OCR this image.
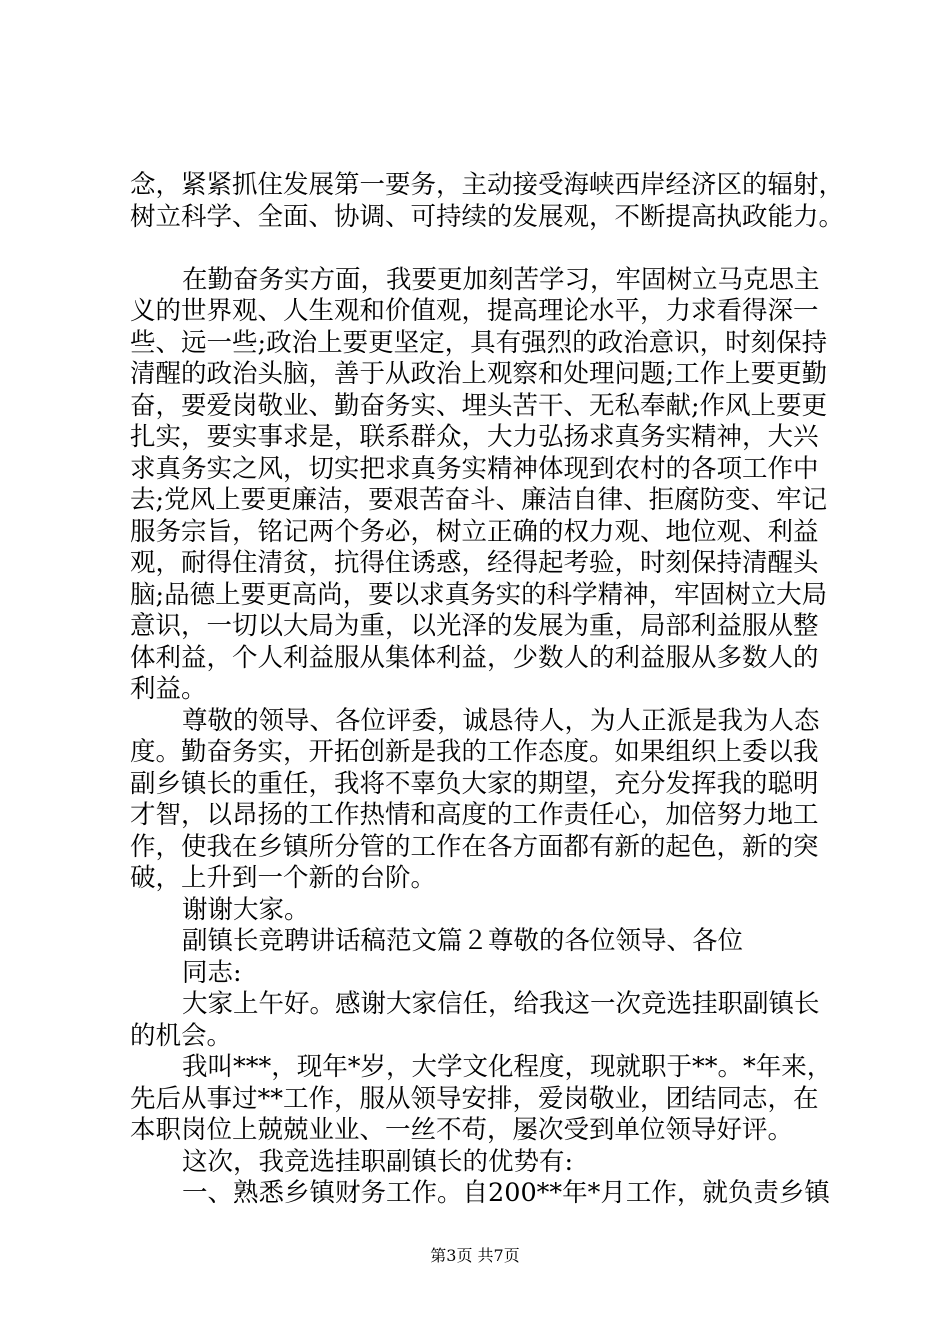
念，紧紧抓住发展第一要务，主动接受海峡西岸经济区的辐射，
树立科学、全面、协调、可持续的发展观，不断提高执政能力。
在勤奋务实方面，我要更加刻苦学习，牢固树立马克思主
义的世界观、人生观和价值观，提高理论水平，力求看得深一
些、远一些;政治上要更坚定，具有强烈的政治意识，时刻保持
清醒的政治头脑，善于从政治上观察和处理问题;工作上要更勤
奋，要爱岗敬业、勤奋务实、埋头苦干、无私奉献;作风上要更
扎实，要实事求是，联系群众，大力弘扬求真务实精神，大兴
求真务实之风，切实把求真务实精神体现到农村的各项工作中
去;党风上要更廉洁，要艰苦奋斗、廉洁自律、拒腐防变、牢记
服务宗旨，铭记两个务必，树立正确的权力观、地位观、利益
观，耐得住清贫，抗得住诱惑，经得起考验，时刻保持清醒头
脑;品德上要更高尚，要以求真务实的科学精神，牢固树立大局
意识，一切以大局为重，以光泽的发展为重，局部利益服从整
体利益，个人利益服从集体利益，少数人的利益服从多数人的
利益。
尊敬的领导、各位评委，诚恳待人，为人正派是我为人态
度。勤奋务实，开拓创新是我的工作态度。如果组织上委以我
副乡镇长的重任，我将不辜负大家的期望，充分发挥我的聪明
才智，以昂扬的工作热情和高度的工作责任心，加倍努力地工
作，使我在乡镇所分管的工作在各方面都有新的起色，新的突
破，上升到一个新的台阶。
谢谢大家。
副镇长竞聘讲话稿范文篇２尊敬的各位领导、各位
同志:
大家上午好。感谢大家信任，给我这一次竞选挂职副镇长
的机会。
我叫***，现年*岁，大学文化程度，现就职于**。*年来，
先后从事过**工作，服从领导安排，爱岗敬业，团结同志，在
本职岗位上兢兢业业、一丝不苟，屡次受到单位领导好评。
这次，我竞选挂职副镇长的优势有:
一、熟悉乡镇财务工作。自200**年*月工作，就负责乡镇
第3页 共7页
